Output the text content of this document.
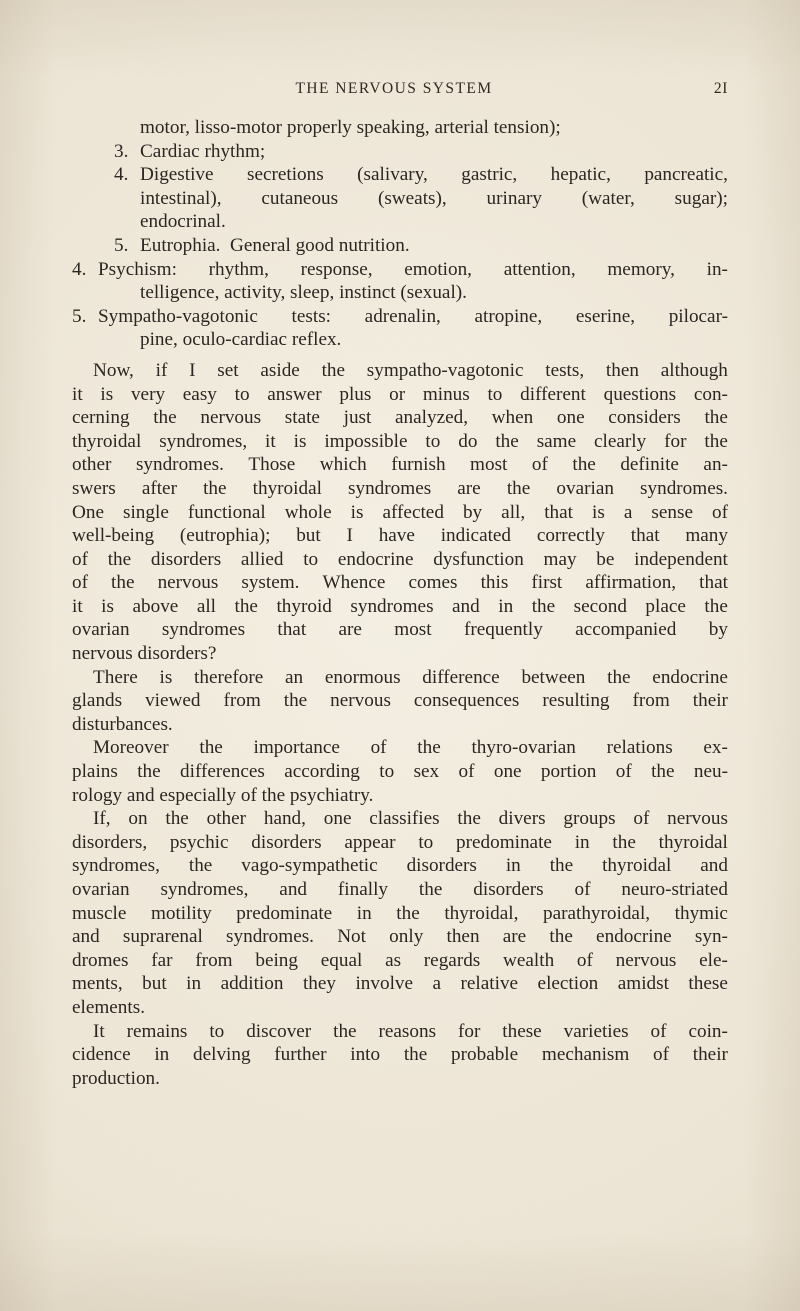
THE NERVOUS SYSTEM	2I
motor, lisso-motor properly speaking, arterial tension);
3. Cardiac rhythm;
4. Digestive secretions (salivary, gastric, hepatic, pancreatic,
intestinal), cutaneous (sweats), urinary (water, sugar);
endocrinal.
5. Eutrophia.  General good nutrition.
4. Psychism: rhythm, response, emotion, attention, memory, in-
telligence, activity, sleep, instinct (sexual).
5. Sympatho-vagotonic tests: adrenalin, atropine, eserine, pilocar-
pine, oculo-cardiac reflex.
Now, if I set aside the sympatho-vagotonic tests, then although
it is very easy to answer plus or minus to different questions con-
cerning the nervous state just analyzed, when one considers the
thyroidal syndromes, it is impossible to do the same clearly for the
other syndromes. Those which furnish most of the definite an-
swers after the thyroidal syndromes are the ovarian syndromes.
One single functional whole is affected by all, that is a sense of
well-being (eutrophia); but I have indicated correctly that many
of the disorders allied to endocrine dysfunction may be independent
of the nervous system. Whence comes this first affirmation, that
it is above all the thyroid syndromes and in the second place the
ovarian syndromes that are most frequently accompanied by
nervous disorders?
There is therefore an enormous difference between the endocrine
glands viewed from the nervous consequences resulting from their
disturbances.
Moreover the importance of the thyro-ovarian relations ex-
plains the differences according to sex of one portion of the neu-
rology and especially of the psychiatry.
If, on the other hand, one classifies the divers groups of nervous
disorders, psychic disorders appear to predominate in the thyroidal
syndromes, the vago-sympathetic disorders in the thyroidal and
ovarian syndromes, and finally the disorders of neuro-striated
muscle motility predominate in the thyroidal, parathyroidal, thymic
and suprarenal syndromes. Not only then are the endocrine syn-
dromes far from being equal as regards wealth of nervous ele-
ments, but in addition they involve a relative election amidst these
elements.
It remains to discover the reasons for these varieties of coin-
cidence in delving further into the probable mechanism of their
production.
